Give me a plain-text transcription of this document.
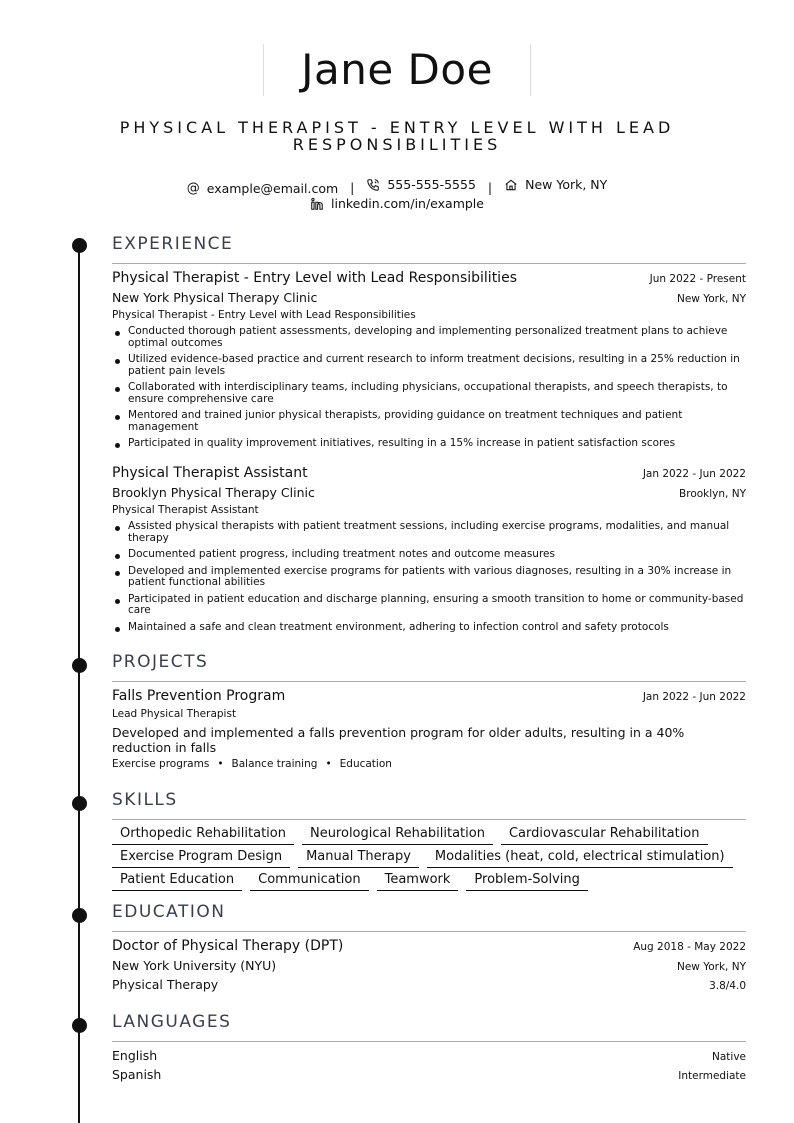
Jane Doe
PHYSICAL THERAPIST - ENTRY LEVEL WITH LEAD RESPONSIBILITIES
@ example@email.com |	555-555-5555 |	New York, NY
linkedin.com/in/example
EXPERIENCE
Physical Therapist - Entry Level with Lead Responsibilities	Jun 2022 - Present
New York Physical Therapy Clinic	New York, NY
Physical Therapist - Entry Level with Lead Responsibilities
Conducted thorough patient assessments, developing and implementing personalized treatment plans to achieve optimal outcomes
Utilized evidence-based practice and current research to inform treatment decisions, resulting in a 25% reduction in patient pain levels
Collaborated with interdisciplinary teams, including physicians, occupational therapists, and speech therapists, to ensure comprehensive care
Mentored and trained junior physical therapists, providing guidance on treatment techniques and patient management
Participated in quality improvement initiatives, resulting in a 15% increase in patient satisfaction scores
Physical Therapist Assistant	Jan 2022 - Jun 2022
Brooklyn Physical Therapy Clinic	Brooklyn, NY
Physical Therapist Assistant
Assisted physical therapists with patient treatment sessions, including exercise programs, modalities, and manual therapy
Documented patient progress, including treatment notes and outcome measures
Developed and implemented exercise programs for patients with various diagnoses, resulting in a 30% increase in patient functional abilities
Participated in patient education and discharge planning, ensuring a smooth transition to home or community-based care
Maintained a safe and clean treatment environment, adhering to infection control and safety protocols
PROJECTS
Falls Prevention Program	Jan 2022 - Jun 2022
Lead Physical Therapist
Developed and implemented a falls prevention program for older adults, resulting in a 40% reduction in falls
Exercise programs • Balance training • Education
SKILLS
Orthopedic Rehabilitation	Neurological Rehabilitation	Cardiovascular Rehabilitation
Exercise Program Design	Manual Therapy	Modalities (heat, cold, electrical stimulation)
Patient Education	Communication	Teamwork	Problem-Solving
EDUCATION
Doctor of Physical Therapy (DPT)	Aug 2018 - May 2022
New York University (NYU)	New York, NY
Physical Therapy	3.8/4.0
LANGUAGES
English	Native
Spanish	Intermediate
